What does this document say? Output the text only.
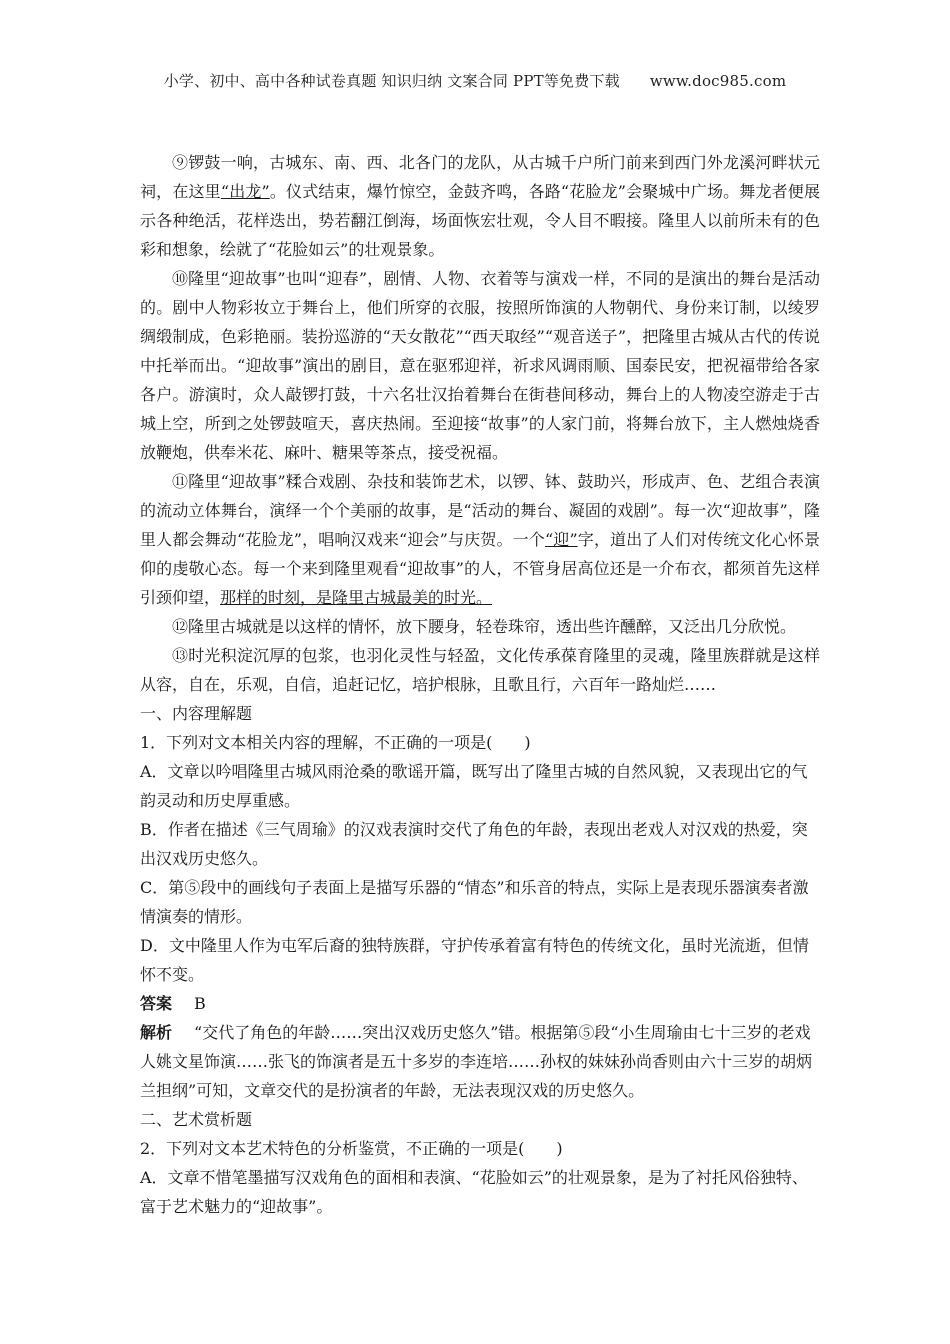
小学、初中、高中各种试卷真题 知识归纳 文案合同 PPT等免费下载 www.doc985.com

⑨锣鼓一响，古城东、南、西、北各门的龙队，从古城千户所门前来到西门外龙溪河畔状元祠，在这里“出龙”。仪式结束，爆竹惊空，金鼓齐鸣，各路“花脸龙”会聚城中广场。舞龙者便展示各种绝活，花样迭出，势若翻江倒海，场面恢宏壮观，令人目不暇接。隆里人以前所未有的色彩和想象，绘就了“花脸如云”的壮观景象。

⑩隆里“迎故事”也叫“迎春”，剧情、人物、衣着等与演戏一样，不同的是演出的舞台是活动的。剧中人物彩妆立于舞台上，他们所穿的衣服，按照所饰演的人物朝代、身份来订制，以绫罗绸缎制成，色彩艳丽。装扮巡游的“天女散花”“西天取经”“观音送子”，把隆里古城从古代的传说中托举而出。“迎故事”演出的剧目，意在驱邪迎祥，祈求风调雨顺、国泰民安，把祝福带给各家各户。游演时，众人敲锣打鼓，十六名壮汉抬着舞台在街巷间移动，舞台上的人物凌空游走于古城上空，所到之处锣鼓喧天，喜庆热闹。至迎接“故事”的人家门前，将舞台放下，主人燃烛烧香放鞭炮，供奉米花、麻叶、糖果等茶点，接受祝福。

⑪隆里“迎故事”糅合戏剧、杂技和装饰艺术，以锣、钵、鼓助兴，形成声、色、艺组合表演的流动立体舞台，演绎一个个美丽的故事，是“活动的舞台、凝固的戏剧”。每一次“迎故事”，隆里人都会舞动“花脸龙”，唱响汉戏来“迎会”与庆贺。一个“迎”字，道出了人们对传统文化心怀景仰的虔敬心态。每一个来到隆里观看“迎故事”的人，不管身居高位还是一介布衣，都须首先这样引颈仰望，那样的时刻，是隆里古城最美的时光。

⑫隆里古城就是以这样的情怀，放下腰身，轻卷珠帘，透出些许醺醉，又泛出几分欣悦。

⑬时光积淀沉厚的包浆，也羽化灵性与轻盈，文化传承葆育隆里的灵魂，隆里族群就是这样从容，自在，乐观，自信，追赶记忆，培护根脉，且歌且行，六百年一路灿烂……

一、内容理解题

1．下列对文本相关内容的理解，不正确的一项是(　　)

A．文章以吟唱隆里古城风雨沧桑的歌谣开篇，既写出了隆里古城的自然风貌，又表现出它的气韵灵动和历史厚重感。

B．作者在描述《三气周瑜》的汉戏表演时交代了角色的年龄，表现出老戏人对汉戏的热爱，突出汉戏历史悠久。

C．第⑤段中的画线句子表面上是描写乐器的“情态”和乐音的特点，实际上是表现乐器演奏者激情演奏的情形。

D．文中隆里人作为屯军后裔的独特族群，守护传承着富有特色的传统文化，虽时光流逝，但情怀不变。

答案 B

解析 “交代了角色的年龄……突出汉戏历史悠久”错。根据第⑤段“小生周瑜由七十三岁的老戏人姚文星饰演……张飞的饰演者是五十多岁的李连培……孙权的妹妹孙尚香则由六十三岁的胡炳兰担纲”可知，文章交代的是扮演者的年龄，无法表现汉戏的历史悠久。

二、艺术赏析题

2．下列对文本艺术特色的分析鉴赏，不正确的一项是(　　)

A．文章不惜笔墨描写汉戏角色的面相和表演、“花脸如云”的壮观景象，是为了衬托风俗独特、富于艺术魅力的“迎故事”。
